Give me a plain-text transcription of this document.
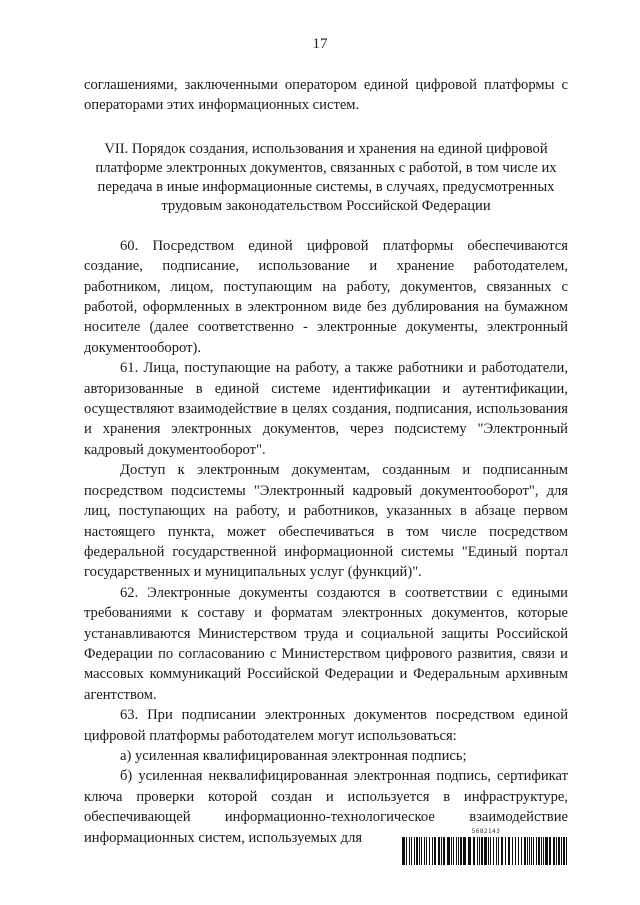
17

соглашениями, заключенными оператором единой цифровой платформы с операторами этих информационных систем.

VII. Порядок создания, использования и хранения на единой цифровой
платформе электронных документов, связанных с работой, в том числе их
передача в иные информационные системы, в случаях, предусмотренных
трудовым законодательством Российской Федерации

60. Посредством единой цифровой платформы обеспечиваются создание, подписание, использование и хранение работодателем, работником, лицом, поступающим на работу, документов, связанных с работой, оформленных в электронном виде без дублирования на бумажном носителе (далее соответственно - электронные документы, электронный документооборот).

61. Лица, поступающие на работу, а также работники и работодатели, авторизованные в единой системе идентификации и аутентификации, осуществляют взаимодействие в целях создания, подписания, использования и хранения электронных документов, через подсистему "Электронный кадровый документооборот".

Доступ к электронным документам, созданным и подписанным посредством подсистемы "Электронный кадровый документооборот", для лиц, поступающих на работу, и работников, указанных в абзаце первом настоящего пункта, может обеспечиваться в том числе посредством федеральной государственной информационной системы "Единый портал государственных и муниципальных услуг (функций)".

62. Электронные документы создаются в соответствии с едиными требованиями к составу и форматам электронных документов, которые устанавливаются Министерством труда и социальной защиты Российской Федерации по согласованию с Министерством цифрового развития, связи и массовых коммуникаций Российской Федерации и Федеральным архивным агентством.

63. При подписании электронных документов посредством единой цифровой платформы работодателем могут использоваться:

а) усиленная квалифицированная электронная подпись;

б) усиленная неквалифицированная электронная подпись, сертификат ключа проверки которой создан и используется в инфраструктуре, обеспечивающей информационно-технологическое взаимодействие информационных систем, используемых для	5682143
